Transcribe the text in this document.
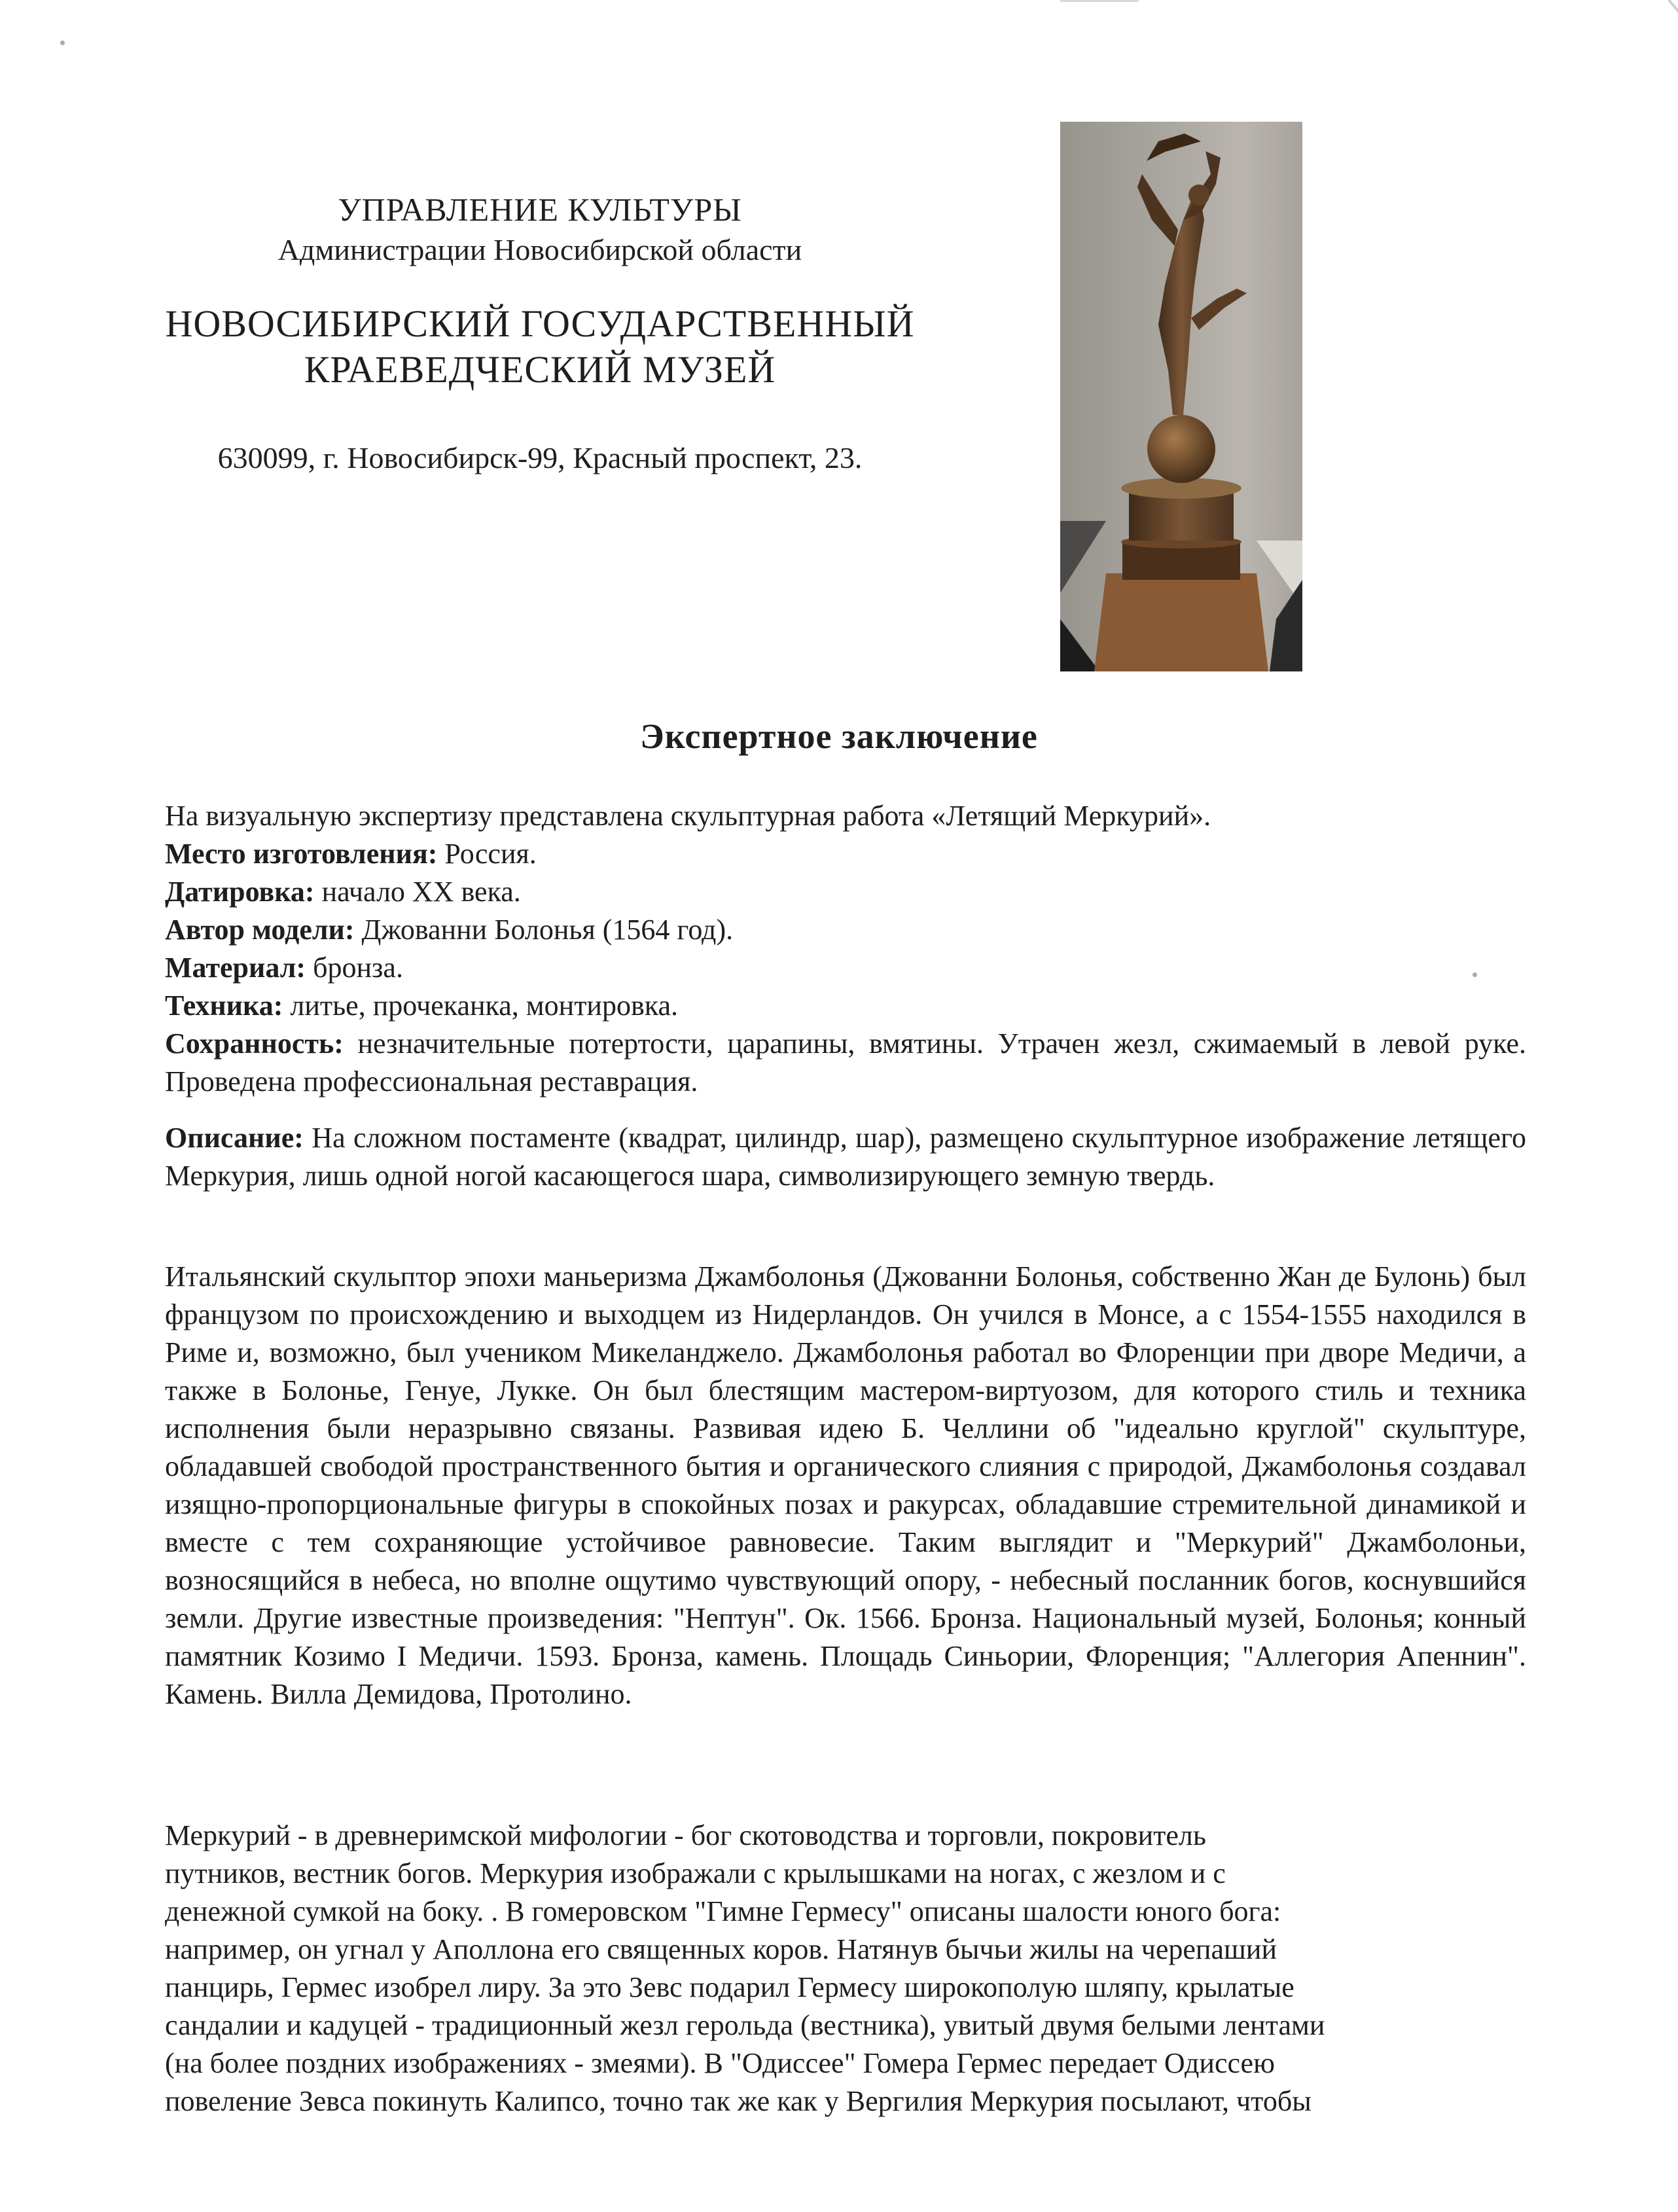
УПРАВЛЕНИЕ КУЛЬТУРЫ
Администрации Новосибирской области
НОВОСИБИРСКИЙ ГОСУДАРСТВЕННЫЙ
КРАЕВЕДЧЕСКИЙ МУЗЕЙ
630099, г. Новосибирск-99, Красный проспект, 23.
Экспертное заключение

На визуальную экспертизу представлена скульптурная работа «Летящий Меркурий».

Место изготовления: Россия.

Датировка: начало XX века.

Автор модели: Джованни Болонья (1564 год).

Материал: бронза.

Техника: литье, прочеканка, монтировка.

Сохранность: незначительные потертости, царапины, вмятины. Утрачен жезл, сжимаемый в левой руке. Проведена профессиональная реставрация.

Описание: На сложном постаменте (квадрат, цилиндр, шар), размещено скульптурное изображение летящего Меркурия, лишь одной ногой касающегося шара, символизирующего земную твердь.

Итальянский скульптор эпохи маньеризма Джамболонья (Джованни Болонья, собственно Жан де Булонь) был французом по происхождению и выходцем из Нидерландов. Он учился в Монсе, а с 1554-1555 находился в Риме и, возможно, был учеником Микеланджело. Джамболонья работал во Флоренции при дворе Медичи, а также в Болонье, Генуе, Лукке. Он был блестящим мастером-виртуозом, для которого стиль и техника исполнения были неразрывно связаны. Развивая идею Б. Челлини об "идеально круглой" скульптуре, обладавшей свободой пространственного бытия и органического слияния с природой, Джамболонья создавал изящно-пропорциональные фигуры в спокойных позах и ракурсах, обладавшие стремительной динамикой и вместе с тем сохраняющие устойчивое равновесие. Таким выглядит и "Меркурий" Джамболоньи, возносящийся в небеса, но вполне ощутимо чувствующий опору, - небесный посланник богов, коснувшийся земли. Другие известные произведения: "Нептун". Ок. 1566. Бронза. Национальный музей, Болонья; конный памятник Козимо I Медичи. 1593. Бронза, камень. Площадь Синьории, Флоренция; "Аллегория Апеннин". Камень. Вилла Демидова, Протолино.

Меркурий - в древнеримской мифологии - бог скотоводства и торговли, покровитель

путников, вестник богов. Меркурия изображали с крылышками на ногах, с жезлом и с

денежной сумкой на боку. . В гомеровском "Гимне Гермесу" описаны шалости юного бога:

например, он угнал у Аполлона его священных коров. Натянув бычьи жилы на черепаший

панцирь, Гермес изобрел лиру. За это Зевс подарил Гермесу широкополую шляпу, крылатые

сандалии и кадуцей - традиционный жезл герольда (вестника), увитый двумя белыми лентами

(на более поздних изображениях - змеями). В "Одиссее" Гомера Гермес передает Одиссею

повеление Зевса покинуть Калипсо, точно так же как у Вергилия Меркурия посылают, чтобы
